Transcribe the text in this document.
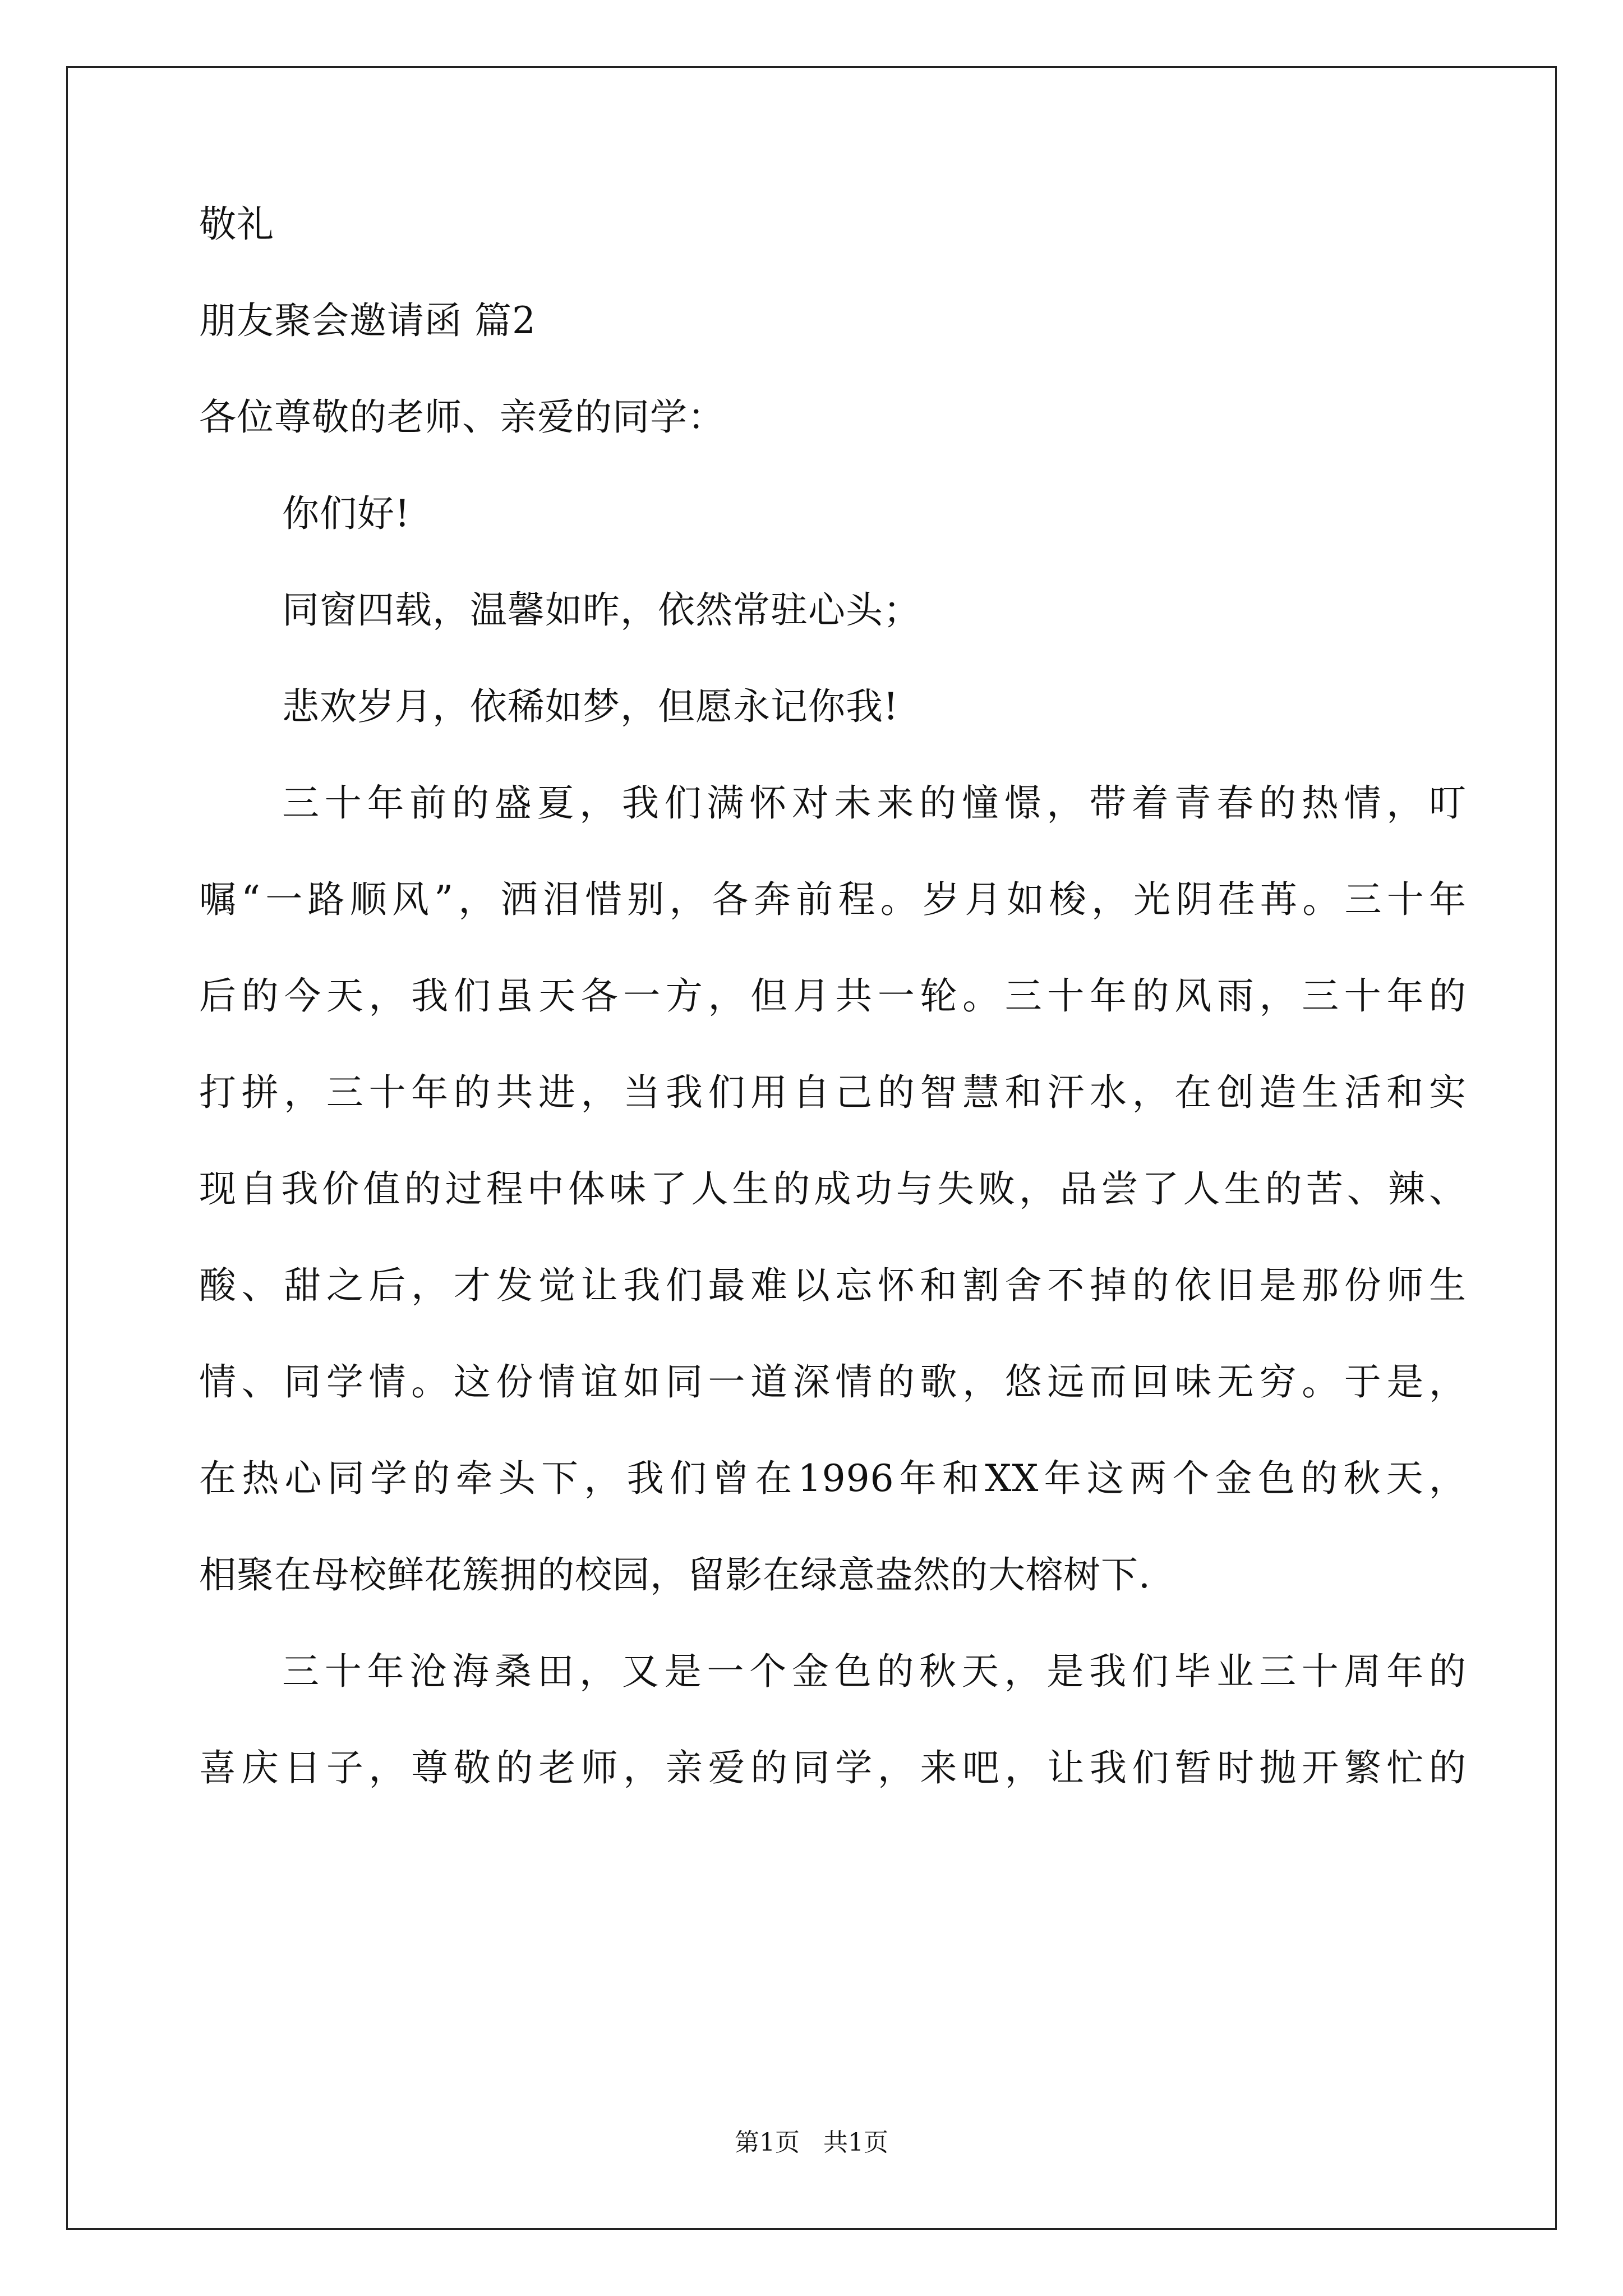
敬礼
朋友聚会邀请函 篇2
各位尊敬的老师、亲爱的同学：
你们好!
同窗四载，温馨如昨，依然常驻心头；
悲欢岁月，依稀如梦，但愿永记你我!
三十年前的盛夏，我们满怀对未来的憧憬，带着青春的热情，叮
嘱“一路顺风”，洒泪惜别，各奔前程。岁月如梭，光阴荏苒。三十年
后的今天，我们虽天各一方，但月共一轮。三十年的风雨，三十年的
打拼，三十年的共进，当我们用自己的智慧和汗水，在创造生活和实
现自我价值的过程中体味了人生的成功与失败，品尝了人生的苦、辣、
酸、甜之后，才发觉让我们最难以忘怀和割舍不掉的依旧是那份师生
情、同学情。这份情谊如同一道深情的歌，悠远而回味无穷。于是，
在热心同学的牵头下，我们曾在1996年和XX年这两个金色的秋天，
相聚在母校鲜花簇拥的校园，留影在绿意盎然的大榕树下.
三十年沧海桑田，又是一个金色的秋天，是我们毕业三十周年的
喜庆日子，尊敬的老师，亲爱的同学，来吧，让我们暂时抛开繁忙的
第1页   共1页
